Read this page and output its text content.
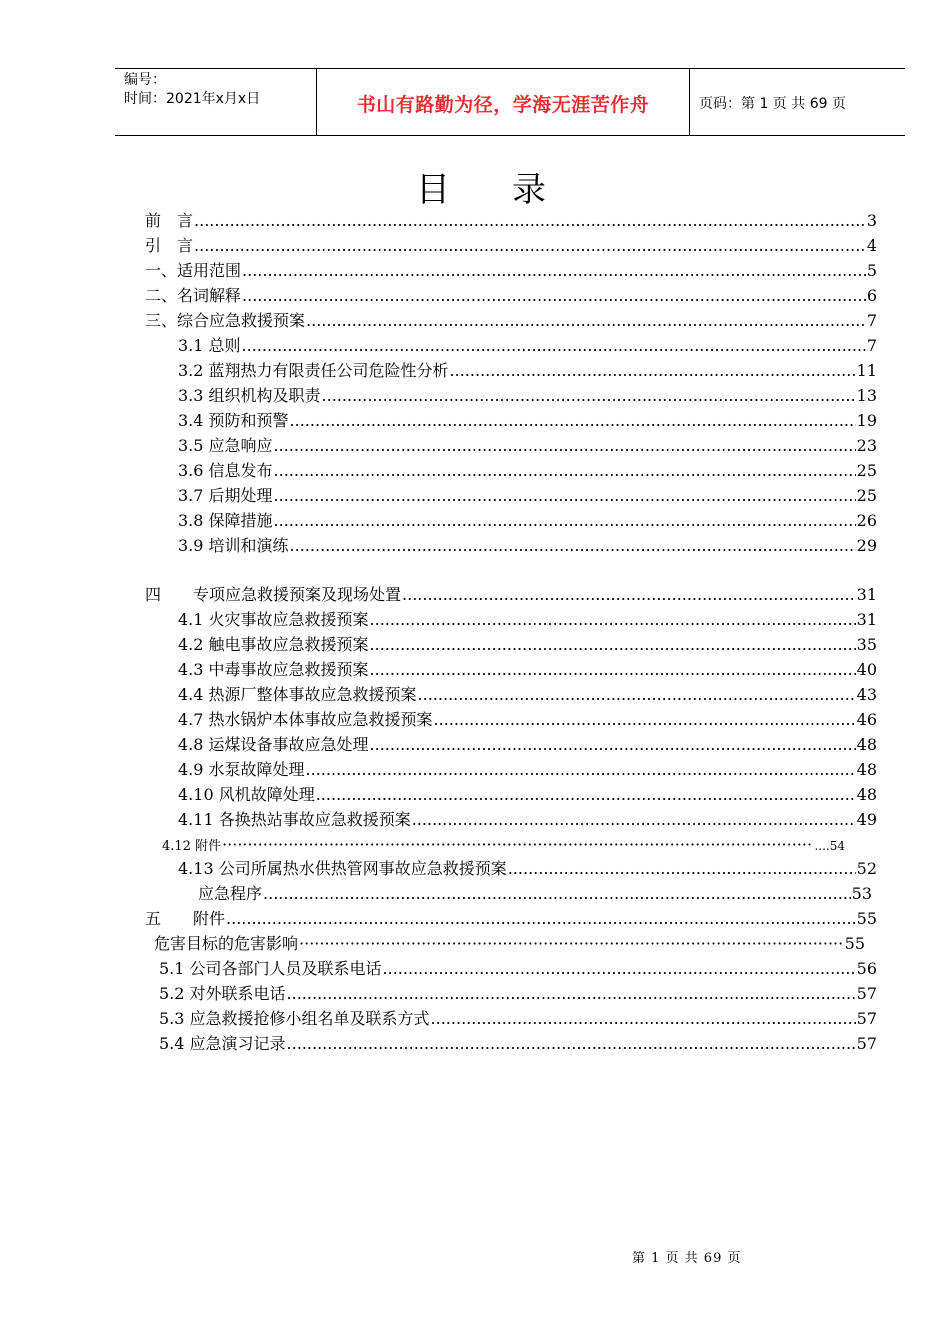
编号：
时间：2021年x月x日	书山有路勤为径，学海无涯苦作舟	页码：第 1 页 共 69 页
目录
前　言 .....	3
引　言 .....	4
一、适用范围 .....	5
二、名词解释 .....	6
三、综合应急救援预案 .....	7
3.1 总则 .....	7
3.2 蓝翔热力有限责任公司危险性分析 .....	11
3.3 组织机构及职责 .....	13
3.4 预防和预警 .....	19
3.5 应急响应 .....	23
3.6 信息发布 .....	25
3.7 后期处理 .....	25
3.8 保障措施 .....	26
3.9 培训和演练 .....	29
四　　专项应急救援预案及现场处置 .....	31
4.1 火灾事故应急救援预案 .....	31
4.2 触电事故应急救援预案 .....	35
4.3 中毒事故应急救援预案 .....	40
4.4 热源厂整体事故应急救援预案 .....	43
4.7 热水锅炉本体事故应急救援预案 .....	46
4.8 运煤设备事故应急处理 .....	48
4.9 水泵故障处理 .....	48
4.10 风机故障处理 .....	48
4.11 各换热站事故应急救援预案 .....	49
4.12 附件 ·····	....54
4.13 公司所属热水供热管网事故应急救援预案 .....	52
应急程序 .....	53
五　　附件 .....	55
危害目标的危害影响 ·····	55
5.1 公司各部门人员及联系电话 .....	56
5.2 对外联系电话 .....	57
5.3 应急救援抢修小组名单及联系方式 .....	57
5.4 应急演习记录 .....	57
第 1 页 共 69 页
